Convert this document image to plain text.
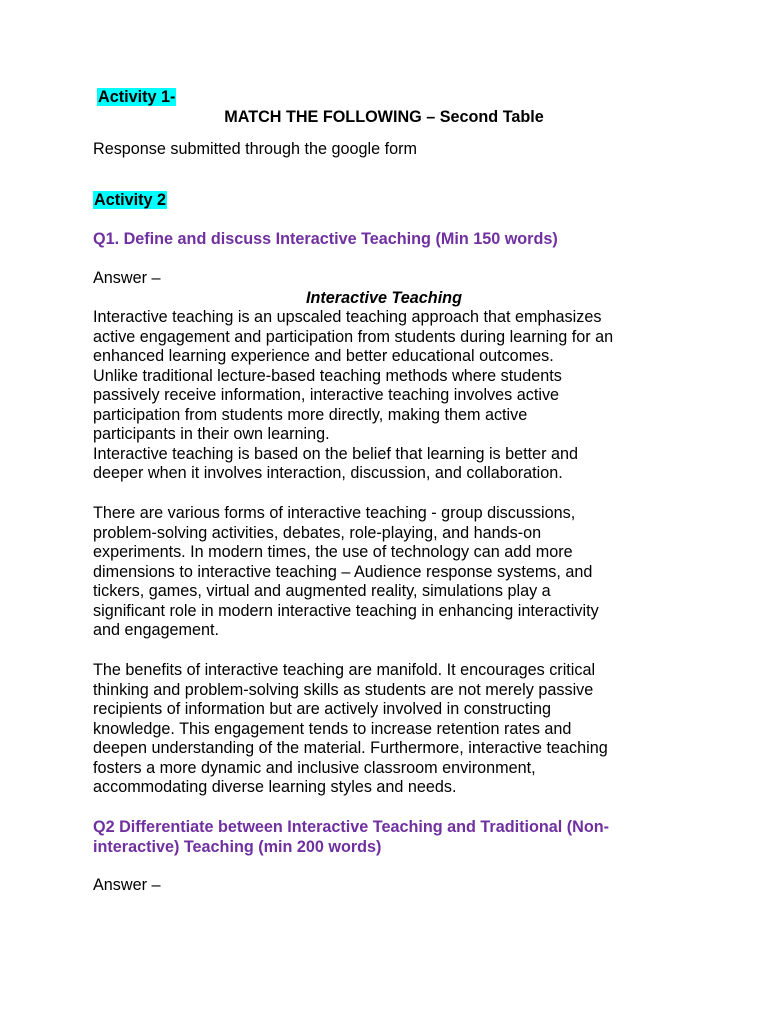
Activity 1-
MATCH THE FOLLOWING – Second Table
Response submitted through the google form
Activity 2
Q1. Define and discuss Interactive Teaching (Min 150 words)
Answer –
Interactive Teaching
Interactive teaching is an upscaled teaching approach that emphasizes
active engagement and participation from students during learning for an
enhanced learning experience and better educational outcomes.
Unlike traditional lecture-based teaching methods where students
passively receive information, interactive teaching involves active
participation from students more directly, making them active
participants in their own learning.
Interactive teaching is based on the belief that learning is better and
deeper when it involves interaction, discussion, and collaboration.
There are various forms of interactive teaching - group discussions,
problem-solving activities, debates, role-playing, and hands-on
experiments. In modern times, the use of technology can add more
dimensions to interactive teaching – Audience response systems, and
tickers, games, virtual and augmented reality, simulations play a
significant role in modern interactive teaching in enhancing interactivity
and engagement.
The benefits of interactive teaching are manifold. It encourages critical
thinking and problem-solving skills as students are not merely passive
recipients of information but are actively involved in constructing
knowledge. This engagement tends to increase retention rates and
deepen understanding of the material. Furthermore, interactive teaching
fosters a more dynamic and inclusive classroom environment,
accommodating diverse learning styles and needs.
Q2 Differentiate between Interactive Teaching and Traditional (Non-
interactive) Teaching (min 200 words)
Answer –
